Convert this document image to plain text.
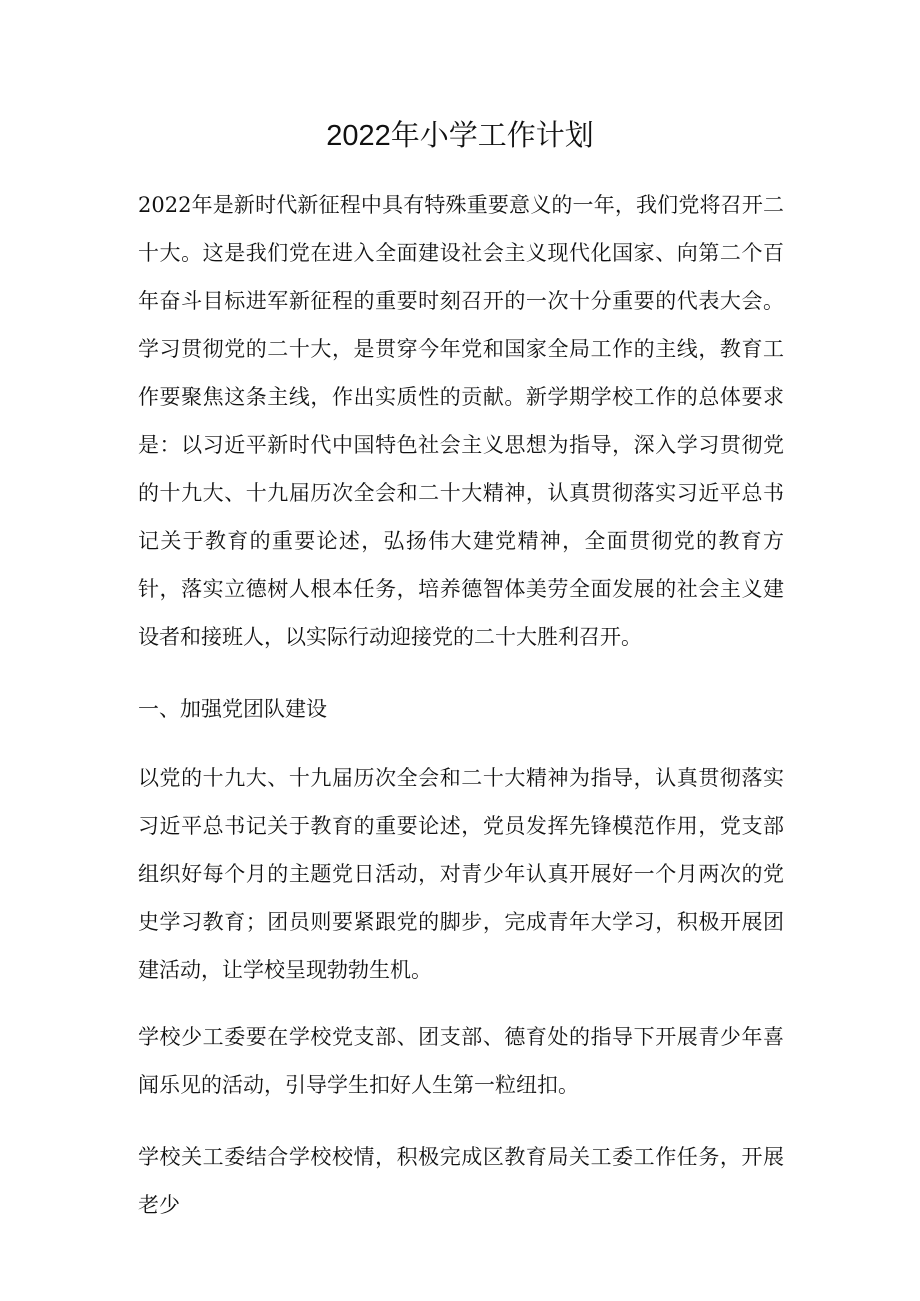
2022年小学工作计划

2022年是新时代新征程中具有特殊重要意义的一年，我们党将召开二十大。这是我们党在进入全面建设社会主义现代化国家、向第二个百年奋斗目标进军新征程的重要时刻召开的一次十分重要的代表大会。学习贯彻党的二十大，是贯穿今年党和国家全局工作的主线，教育工作要聚焦这条主线，作出实质性的贡献。新学期学校工作的总体要求是：以习近平新时代中国特色社会主义思想为指导，深入学习贯彻党的十九大、十九届历次全会和二十大精神，认真贯彻落实习近平总书记关于教育的重要论述，弘扬伟大建党精神，全面贯彻党的教育方针，落实立德树人根本任务，培养德智体美劳全面发展的社会主义建设者和接班人，以实际行动迎接党的二十大胜利召开。

一、加强党团队建设

以党的十九大、十九届历次全会和二十大精神为指导，认真贯彻落实习近平总书记关于教育的重要论述，党员发挥先锋模范作用，党支部组织好每个月的主题党日活动，对青少年认真开展好一个月两次的党史学习教育；团员则要紧跟党的脚步，完成青年大学习，积极开展团建活动，让学校呈现勃勃生机。

学校少工委要在学校党支部、团支部、德育处的指导下开展青少年喜闻乐见的活动，引导学生扣好人生第一粒纽扣。

学校关工委结合学校校情，积极完成区教育局关工委工作任务，开展老少
